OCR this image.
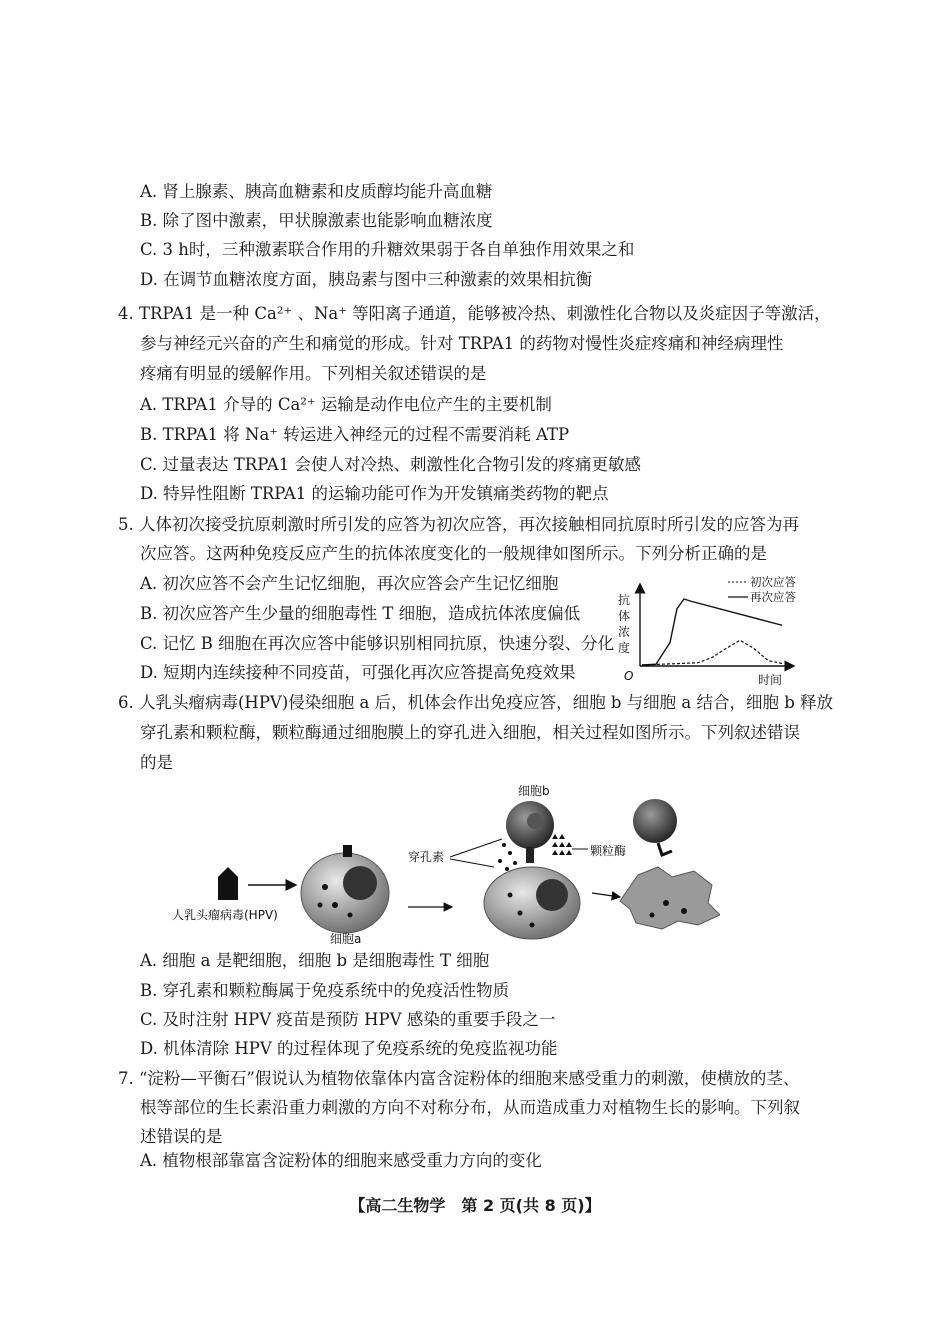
A. 肾上腺素、胰高血糖素和皮质醇均能升高血糖
B. 除了图中激素，甲状腺激素也能影响血糖浓度
C. 3 h时，三种激素联合作用的升糖效果弱于各自单独作用效果之和
D. 在调节血糖浓度方面，胰岛素与图中三种激素的效果相抗衡
4. TRPA1 是一种 Ca²⁺ 、Na⁺ 等阳离子通道，能够被冷热、刺激性化合物以及炎症因子等激活，
参与神经元兴奋的产生和痛觉的形成。针对 TRPA1 的药物对慢性炎症疼痛和神经病理性
疼痛有明显的缓解作用。下列相关叙述错误的是
A. TRPA1 介导的 Ca²⁺ 运输是动作电位产生的主要机制
B. TRPA1 将 Na⁺ 转运进入神经元的过程不需要消耗 ATP
C. 过量表达 TRPA1 会使人对冷热、刺激性化合物引发的疼痛更敏感
D. 特异性阻断 TRPA1 的运输功能可作为开发镇痛类药物的靶点
5. 人体初次接受抗原刺激时所引发的应答为初次应答，再次接触相同抗原时所引发的应答为再
次应答。这两种免疫反应产生的抗体浓度变化的一般规律如图所示。下列分析正确的是
A. 初次应答不会产生记忆细胞，再次应答会产生记忆细胞
B. 初次应答产生少量的细胞毒性 T 细胞，造成抗体浓度偏低
C. 记忆 B 细胞在再次应答中能够识别相同抗原，快速分裂、分化
D. 短期内连续接种不同疫苗，可强化再次应答提高免疫效果
抗
体
浓
度
O	时间
初次应答
再次应答
6. 人乳头瘤病毒(HPV)侵染细胞 a 后，机体会作出免疫应答，细胞 b 与细胞 a 结合，细胞 b 释放
穿孔素和颗粒酶，颗粒酶通过细胞膜上的穿孔进入细胞，相关过程如图所示。下列叙述错误
的是
人乳头瘤病毒(HPV)
细胞a
细胞b
穿孔素	颗粒酶
A. 细胞 a 是靶细胞，细胞 b 是细胞毒性 T 细胞
B. 穿孔素和颗粒酶属于免疫系统中的免疫活性物质
C. 及时注射 HPV 疫苗是预防 HPV 感染的重要手段之一
D. 机体清除 HPV 的过程体现了免疫系统的免疫监视功能
7. “淀粉—平衡石”假说认为植物依靠体内富含淀粉体的细胞来感受重力的刺激，使横放的茎、
根等部位的生长素沿重力刺激的方向不对称分布，从而造成重力对植物生长的影响。下列叙
述错误的是
A. 植物根部靠富含淀粉体的细胞来感受重力方向的变化
【高二生物学　第 2 页(共 8 页)】
